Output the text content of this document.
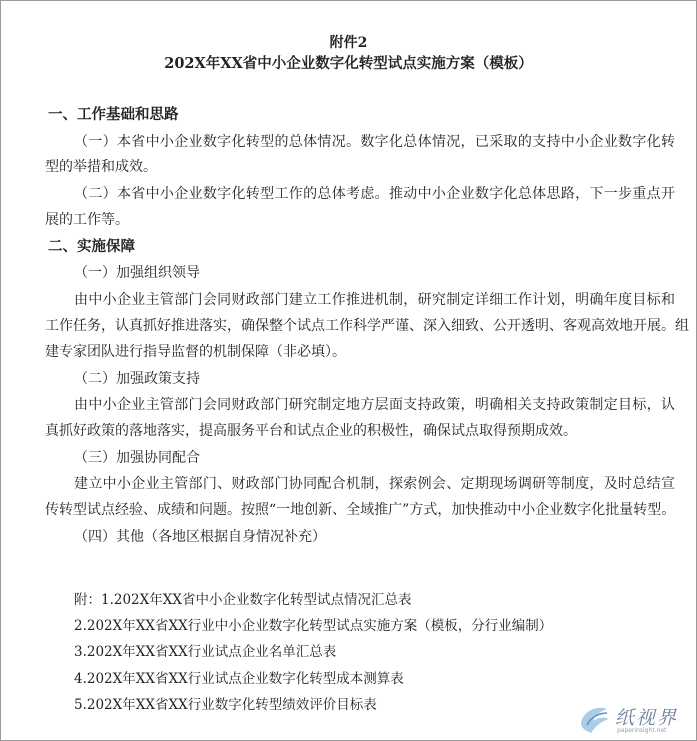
附件2
202X年XX省中小企业数字化转型试点实施方案（模板）
一、工作基础和思路
（一）本省中小企业数字化转型的总体情况。数字化总体情况，已采取的支持中小企业数字化转
型的举措和成效。
（二）本省中小企业数字化转型工作的总体考虑。推动中小企业数字化总体思路，下一步重点开
展的工作等。
二、实施保障
（一）加强组织领导
由中小企业主管部门会同财政部门建立工作推进机制，研究制定详细工作计划，明确年度目标和
工作任务，认真抓好推进落实，确保整个试点工作科学严谨、深入细致、公开透明、客观高效地开展。组
建专家团队进行指导监督的机制保障（非必填）。
（二）加强政策支持
由中小企业主管部门会同财政部门研究制定地方层面支持政策，明确相关支持政策制定目标，认
真抓好政策的落地落实，提高服务平台和试点企业的积极性，确保试点取得预期成效。
（三）加强协同配合
建立中小企业主管部门、财政部门协同配合机制，探索例会、定期现场调研等制度，及时总结宣
传转型试点经验、成绩和问题。按照“一地创新、全域推广”方式，加快推动中小企业数字化批量转型。
（四）其他（各地区根据自身情况补充）
附：1.202X年XX省中小企业数字化转型试点情况汇总表
2.202X年XX省XX行业中小企业数字化转型试点实施方案（模板，分行业编制）
3.202X年XX省XX行业试点企业名单汇总表
4.202X年XX省XX行业试点企业数字化转型成本测算表
5.202X年XX省XX行业数字化转型绩效评价目标表
纸视界
paperinsight.net
